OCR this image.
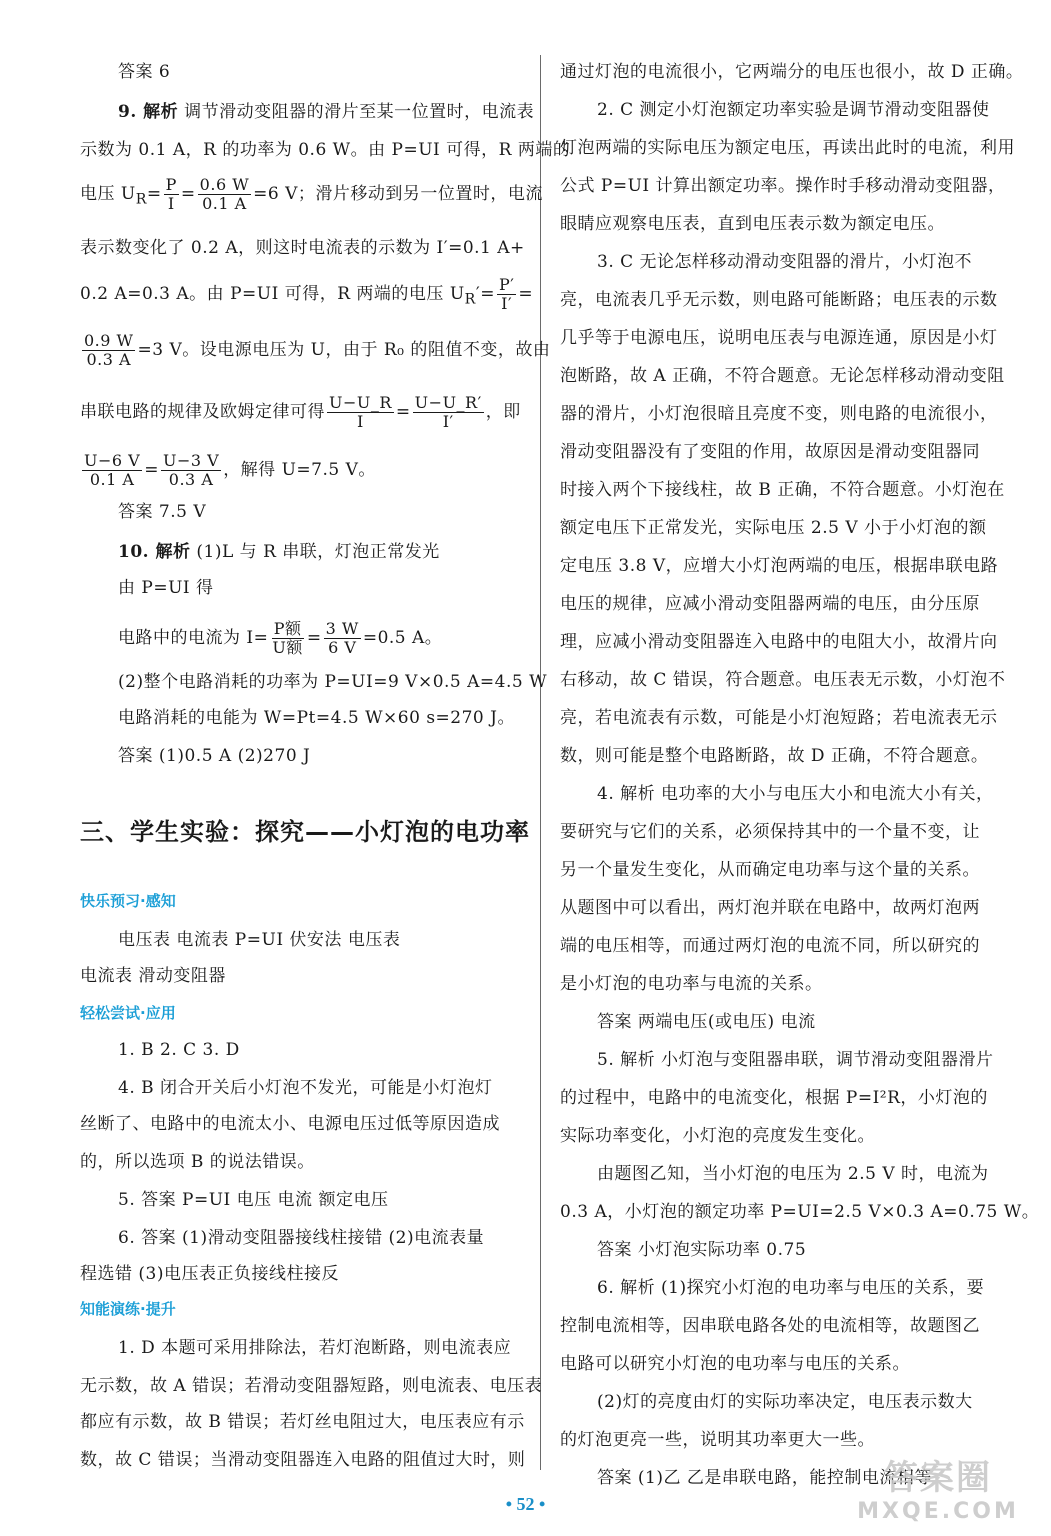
答案 6
9. 解析 调节滑动变阻器的滑片至某一位置时，电流表
示数为 0.1 A，R 的功率为 0.6 W。由 P=UI 可得，R 两端的
电压 $U_R= \frac{P}{I} = \frac{0.6 W}{0.1 A} =6$ V；滑片移动到另一位置时，电流
表示数变化了 0.2 A，则这时电流表的示数为 I′=0.1 A+
0.2 A=0.3 A。由 P=UI 可得，R 两端的电压 $U_R'= \frac{P'}{I'}$ =
$\frac{0.9 W}{0.3 A} =3$ V。设电源电压为 U，由于 R₀ 的阻值不变，故由
串联电路的规律及欧姆定律可得 $\frac{U-U\_R}{I} = \frac{U-U\_R'}{I'}$ ，即
$\frac{U-6 V}{0.1 A} = \frac{U-3 V}{0.3 A}$ ，解得 U=7.5 V。
答案 7.5 V
10. 解析 (1)L 与 R 串联，灯泡正常发光
由 P=UI 得
电路中的电流为 $I= \frac{\text{P额}}{\text{U额}} = \frac{3 W}{6 V} =0.5$ A。
(2)整个电路消耗的功率为 P=UI=9 V×0.5 A=4.5 W
电路消耗的电能为 W=Pt=4.5 W×60 s=270 J。
答案 (1)0.5 A (2)270 J
三、学生实验：探究——小灯泡的电功率
快乐预习·感知
电压表 电流表 P=UI 伏安法 电压表
电流表 滑动变阻器
轻松尝试·应用
1. B 2. C 3. D
4. B 闭合开关后小灯泡不发光，可能是小灯泡灯
丝断了、电路中的电流太小、电源电压过低等原因造成
的，所以选项 B 的说法错误。
5. 答案 P=UI 电压 电流 额定电压
6. 答案 (1)滑动变阻器接线柱接错 (2)电流表量
程选错 (3)电压表正负接线柱接反
知能演练·提升
1. D 本题可采用排除法，若灯泡断路，则电流表应
无示数，故 A 错误；若滑动变阻器短路，则电流表、电压表
都应有示数，故 B 错误；若灯丝电阻过大，电压表应有示
数，故 C 错误；当滑动变阻器连入电路的阻值过大时，则
通过灯泡的电流很小，它两端分的电压也很小，故 D 正确。
2. C 测定小灯泡额定功率实验是调节滑动变阻器使
灯泡两端的实际电压为额定电压，再读出此时的电流，利用
公式 P=UI 计算出额定功率。操作时手移动滑动变阻器，
眼睛应观察电压表，直到电压表示数为额定电压。
3. C 无论怎样移动滑动变阻器的滑片，小灯泡不
亮，电流表几乎无示数，则电路可能断路；电压表的示数
几乎等于电源电压，说明电压表与电源连通，原因是小灯
泡断路，故 A 正确，不符合题意。无论怎样移动滑动变阻
器的滑片，小灯泡很暗且亮度不变，则电路的电流很小，
滑动变阻器没有了变阻的作用，故原因是滑动变阻器同
时接入两个下接线柱，故 B 正确，不符合题意。小灯泡在
额定电压下正常发光，实际电压 2.5 V 小于小灯泡的额
定电压 3.8 V，应增大小灯泡两端的电压，根据串联电路
电压的规律，应减小滑动变阻器两端的电压，由分压原
理，应减小滑动变阻器连入电路中的电阻大小，故滑片向
右移动，故 C 错误，符合题意。电压表无示数，小灯泡不
亮，若电流表有示数，可能是小灯泡短路；若电流表无示
数，则可能是整个电路断路，故 D 正确，不符合题意。
4. 解析 电功率的大小与电压大小和电流大小有关，
要研究与它们的关系，必须保持其中的一个量不变，让
另一个量发生变化，从而确定电功率与这个量的关系。
从题图中可以看出，两灯泡并联在电路中，故两灯泡两
端的电压相等，而通过两灯泡的电流不同，所以研究的
是小灯泡的电功率与电流的关系。
答案 两端电压(或电压) 电流
5. 解析 小灯泡与变阻器串联，调节滑动变阻器滑片
的过程中，电路中的电流变化，根据 P=I²R，小灯泡的
实际功率变化，小灯泡的亮度发生变化。
由题图乙知，当小灯泡的电压为 2.5 V 时，电流为
0.3 A，小灯泡的额定功率 P=UI=2.5 V×0.3 A=0.75 W。
答案 小灯泡实际功率 0.75
6. 解析 (1)探究小灯泡的电功率与电压的关系，要
控制电流相等，因串联电路各处的电流相等，故题图乙
电路可以研究小灯泡的电功率与电压的关系。
(2)灯的亮度由灯的实际功率决定，电压表示数大
的灯泡更亮一些，说明其功率更大一些。
答案 (1)乙 乙是串联电路，能控制电流相等
• 52 •
答案圈
MXQE.COM
